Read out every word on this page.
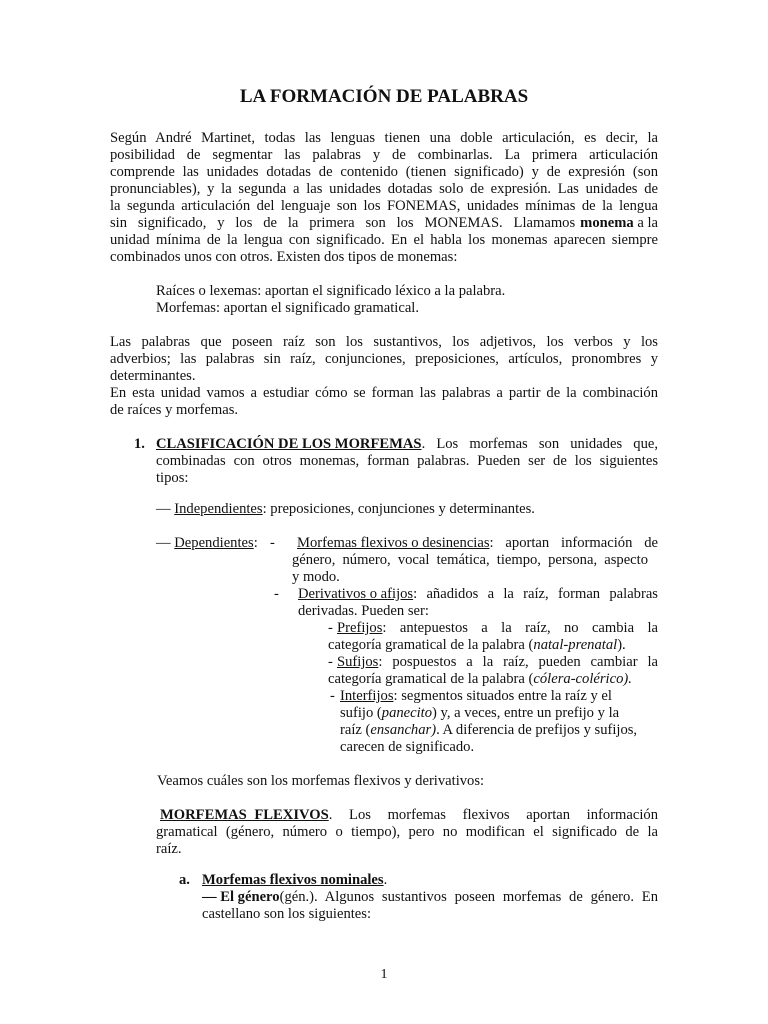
LA FORMACIÓN DE PALABRAS
Según André Martinet, todas las lenguas tienen una doble articulación, es decir, la
posibilidad de segmentar las palabras y de combinarlas. La primera articulación
comprende las unidades dotadas de contenido (tienen significado) y de expresión (son
pronunciables), y la segunda a las unidades dotadas solo de expresión. Las unidades de
la segunda articulación del lenguaje son los FONEMAS, unidades mínimas de la lengua
sin significado, y los de la primera son los MONEMAS. Llamamos monema a la
unidad mínima de la lengua con significado. En el habla los monemas aparecen siempre
combinados unos con otros. Existen dos tipos de monemas:
Raíces o lexemas: aportan el significado léxico a la palabra.
Morfemas: aportan el significado gramatical.
Las palabras que poseen raíz son los sustantivos, los adjetivos, los verbos y los
adverbios; las palabras sin raíz, conjunciones, preposiciones, artículos, pronombres y
determinantes.
En esta unidad vamos a estudiar cómo se forman las palabras a partir de la combinación
de raíces y morfemas.
1. CLASIFICACIÓN DE LOS MORFEMAS . Los morfemas son unidades que,
combinadas con otros monemas, forman palabras. Pueden ser de los siguientes
tipos:
— Independientes: preposiciones, conjunciones y determinantes.
— Dependientes: - Morfemas flexivos o desinencias : aportan información de
género, número, vocal temática, tiempo, persona, aspecto
y modo.
- Derivativos o afijos : añadidos a la raíz, forman palabras
derivadas. Pueden ser:
- Prefijos : antepuestos a la raíz, no cambia la
categoría gramatical de la palabra (natal-prenatal).
- Sufijos : pospuestos a la raíz, pueden cambiar la
categoría gramatical de la palabra (cólera-colérico).
- Interfijos: segmentos situados entre la raíz y el
sufijo (panecito) y, a veces, entre un prefijo y la
raíz (ensanchar). A diferencia de prefijos y sufijos,
carecen de significado.
Veamos cuáles son los morfemas flexivos y derivativos:
MORFEMAS FLEXIVOS . Los morfemas flexivos aportan información
gramatical (género, número o tiempo), pero no modifican el significado de la
raíz.
a. Morfemas flexivos nominales.
— El género (gén.). Algunos sustantivos poseen morfemas de género. En
castellano son los siguientes:
1
